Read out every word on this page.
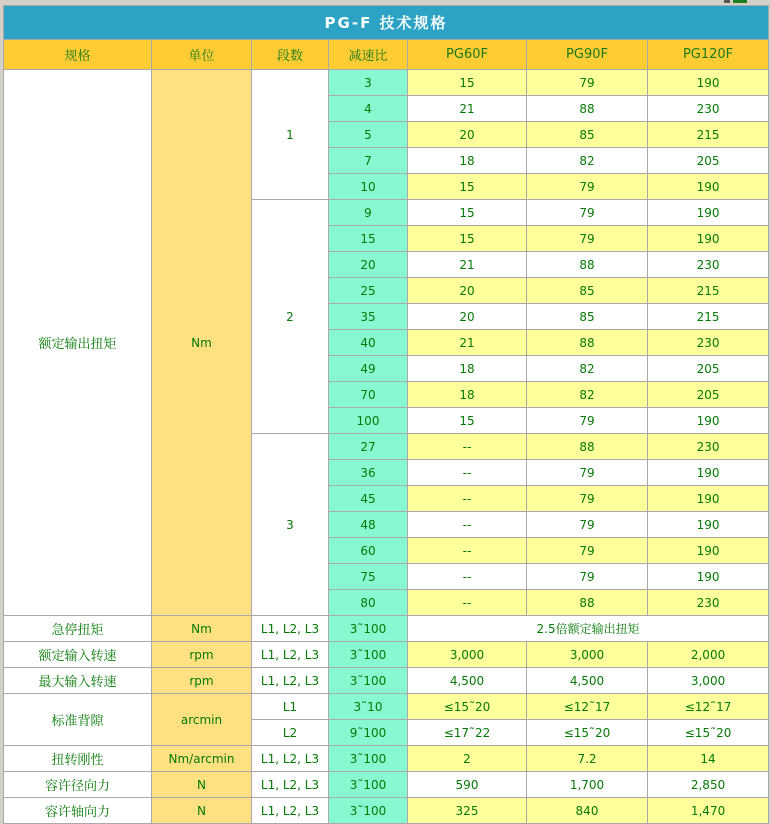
PG-F 技术规格						
规格	单位	段数	减速比	PG60F	PG90F	PG120F
额定输出扭矩	Nm	1	3	15	79	190
			4	21	88	230
			5	20	85	215
			7	18	82	205
			10	15	79	190
		2	9	15	79	190
			15	15	79	190
			20	21	88	230
			25	20	85	215
			35	20	85	215
			40	21	88	230
			49	18	82	205
			70	18	82	205
			100	15	79	190
		3	27	--	88	230
			36	--	79	190
			45	--	79	190
			48	--	79	190
			60	--	79	190
			75	--	79	190
			80	--	88	230
急停扭矩	Nm	L1, L2, L3	3˜100	2.5倍额定输出扭矩		
额定输入转速	rpm	L1, L2, L3	3˜100	3,000	3,000	2,000
最大输入转速	rpm	L1, L2, L3	3˜100	4,500	4,500	3,000
标准背隙	arcmin	L1	3˜10	≤15˜20	≤12˜17	≤12˜17
		L2	9˜100	≤17˜22	≤15˜20	≤15˜20
扭转刚性	Nm/arcmin	L1, L2, L3	3˜100	2	7.2	14
容许径向力	N	L1, L2, L3	3˜100	590	1,700	2,850
容许轴向力	N	L1, L2, L3	3˜100	325	840	1,470
